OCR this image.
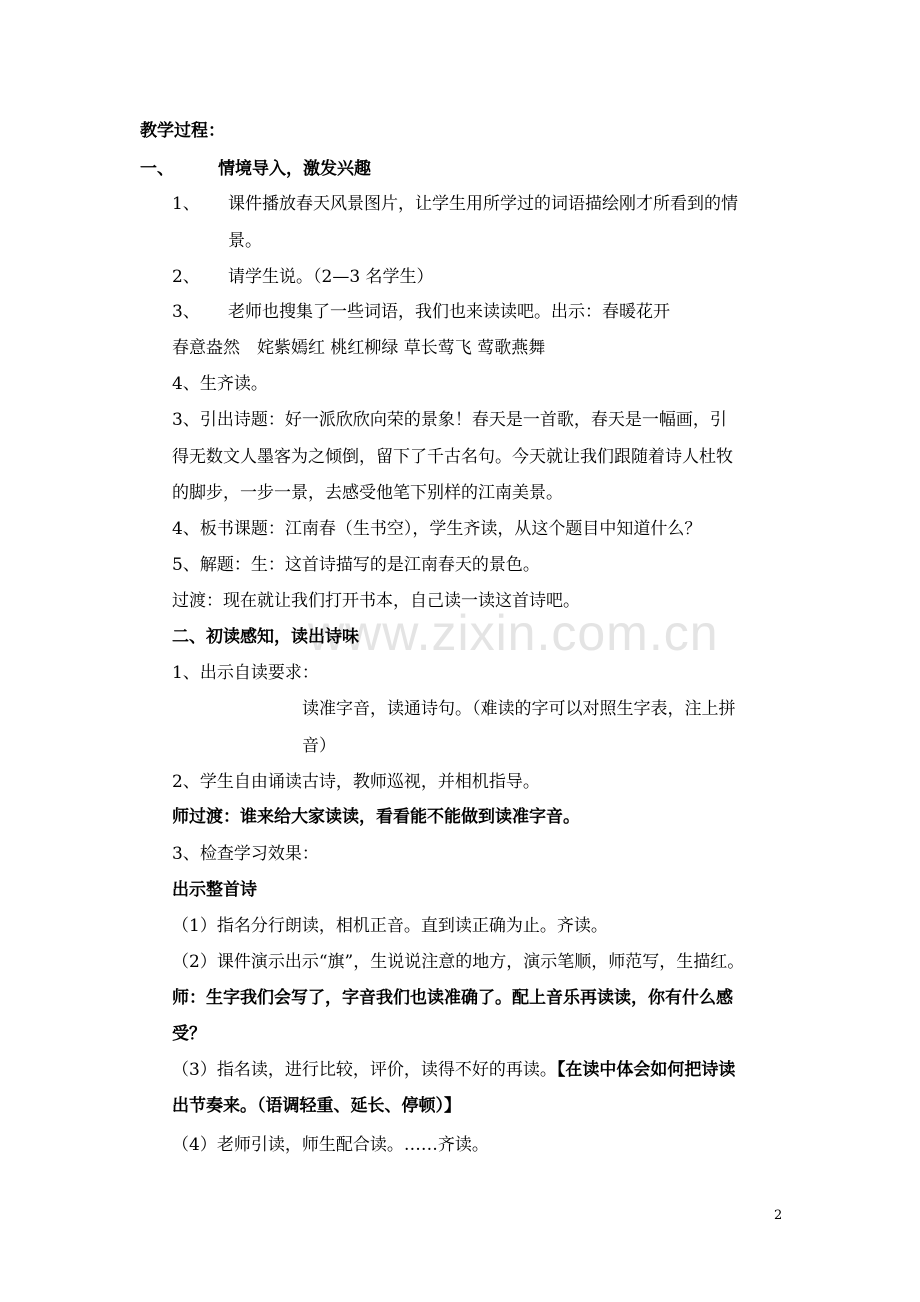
www.zixin.com.cn
教学过程：
一、	情境导入，激发兴趣
1、 课件播放春天风景图片，让学生用所学过的词语描绘刚才所看到的情
景。
2、 请学生说。（2—3 名学生）
3、 老师也搜集了一些词语，我们也来读读吧。出示：春暖花开
春意盎然　姹紫嫣红 桃红柳绿 草长莺飞 莺歌燕舞
4、生齐读。
3、引出诗题：好一派欣欣向荣的景象！春天是一首歌，春天是一幅画，引
得无数文人墨客为之倾倒，留下了千古名句。今天就让我们跟随着诗人杜牧
的脚步，一步一景，去感受他笔下别样的江南美景。
4、板书课题：江南春（生书空），学生齐读，从这个题目中知道什么？
5、解题：生：这首诗描写的是江南春天的景色。
过渡：现在就让我们打开书本，自己读一读这首诗吧。
二、初读感知，读出诗味
1、出示自读要求：
读准字音，读通诗句。（难读的字可以对照生字表，注上拼
音）
2、学生自由诵读古诗，教师巡视，并相机指导。
师过渡：谁来给大家读读，看看能不能做到读准字音。
3、检查学习效果：
出示整首诗
（1）指名分行朗读，相机正音。直到读正确为止。齐读。
（2）课件演示出示“旗”，生说说注意的地方，演示笔顺，师范写，生描红。
师：生字我们会写了，字音我们也读准确了。配上音乐再读读，你有什么感
受？
（3）指名读，进行比较，评价，读得不好的再读。【在读中体会如何把诗读
出节奏来。（语调轻重、延长、停顿）】
（4）老师引读，师生配合读。……齐读。
2
